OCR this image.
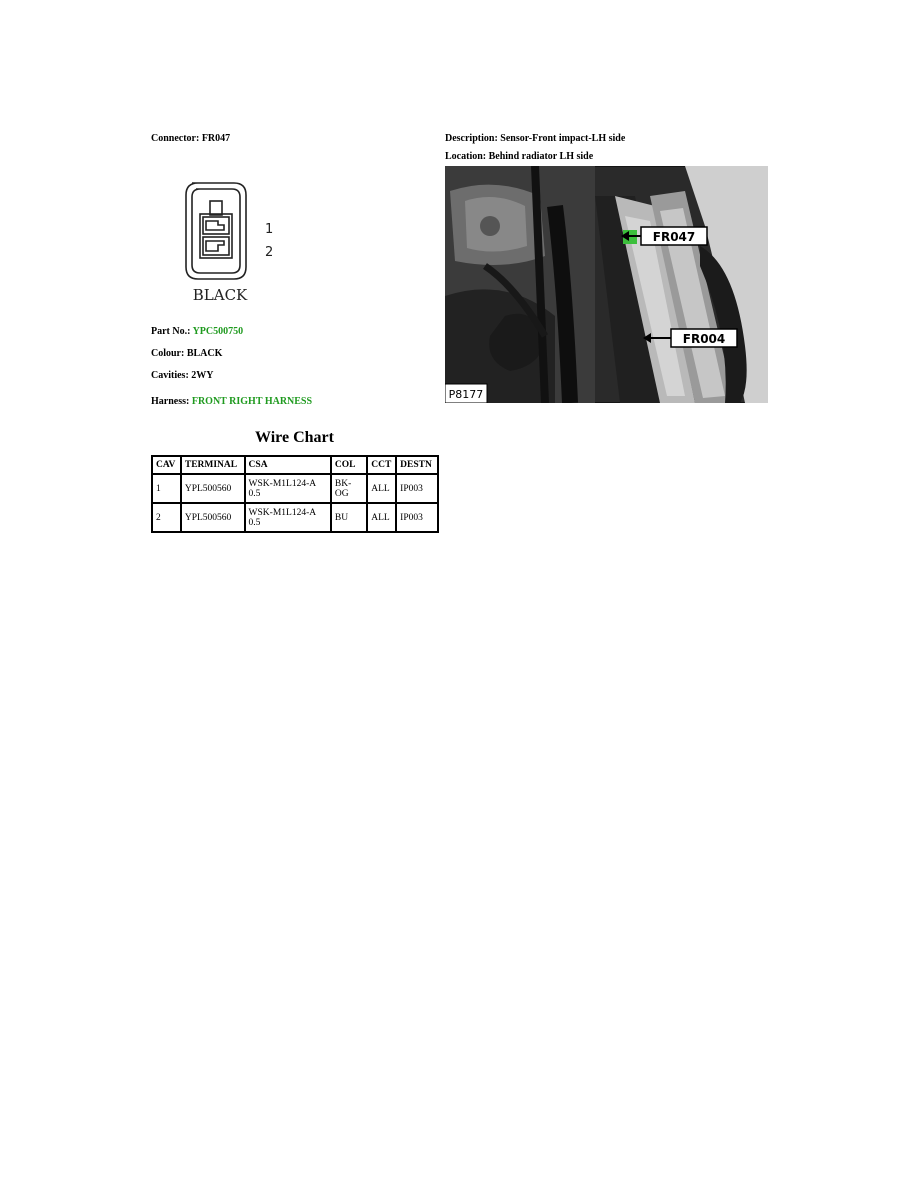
Connector: FR047	Description: Sensor-Front impact-LH side
Location: Behind radiator LH side
1
2
BLACK
Part No.: YPC500750
Colour: BLACK
Cavities: 2WY
Harness: FRONT RIGHT HARNESS
FR047
FR004
P8177
Wire Chart
CAV	TERMINAL	CSA	COL	CCT	DESTN
1	YPL500560	WSK-M1L124-A 0.5	BK-OG	ALL	IP003
2	YPL500560	WSK-M1L124-A 0.5	BU	ALL	IP003
